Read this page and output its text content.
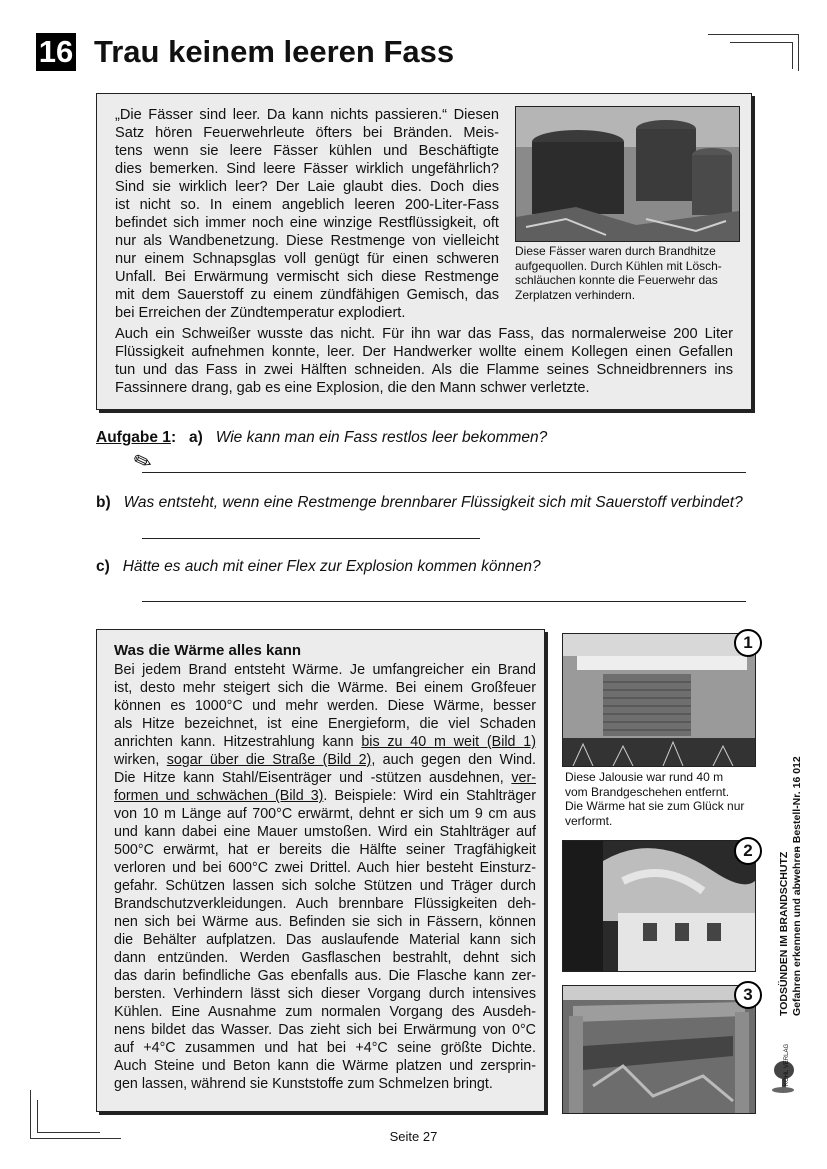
16 Trau keinem leeren Fass
„Die Fässer sind leer. Da kann nichts passieren.“ Diesen
Satz hören Feuerwehrleute öfters bei Bränden. Meis-
tens wenn sie leere Fässer kühlen und Beschäftigte
dies bemerken. Sind leere Fässer wirklich ungefährlich?
Sind sie wirklich leer? Der Laie glaubt dies. Doch dies
ist nicht so. In einem angeblich leeren 200-Liter-Fass
befindet sich immer noch eine winzige Restflüssigkeit, oft
nur als Wandbenetzung. Diese Restmenge von vielleicht
nur einem Schnapsglas voll genügt für einen schweren
Unfall. Bei Erwärmung vermischt sich diese Restmenge
mit dem Sauerstoff zu einem zündfähigen Gemisch, das
bei Erreichen der Zündtemperatur explodiert.
Diese Fässer waren durch Brandhitze
aufgequollen. Durch Kühlen mit Lösch-
schläuchen konnte die Feuerwehr das
Zerplatzen verhindern.
Auch ein Schweißer wusste das nicht. Für ihn war das Fass, das normalerweise 200 Liter
Flüssigkeit aufnehmen konnte, leer. Der Handwerker wollte einem Kollegen einen Gefallen
tun und das Fass in zwei Hälften schneiden. Als die Flamme seines Schneidbrenners ins
Fassinnere drang, gab es eine Explosion, die den Mann schwer verletzte.
Aufgabe 1: a) Wie kann man ein Fass restlos leer bekommen?
✎
b) Was entsteht, wenn eine Restmenge brennbarer Flüssigkeit sich mit Sauerstoff verbindet?
c) Hätte es auch mit einer Flex zur Explosion kommen können?
Was die Wärme alles kann
Bei jedem Brand entsteht Wärme. Je umfangreicher ein Brand
ist, desto mehr steigert sich die Wärme. Bei einem Großfeuer
können es 1000°C und mehr werden. Diese Wärme, besser
als Hitze bezeichnet, ist eine Energieform, die viel Schaden
anrichten kann. Hitzestrahlung kann bis zu 40 m weit (Bild 1)
wirken, sogar über die Straße (Bild 2), auch gegen den Wind.
Die Hitze kann Stahl/Eisenträger und -stützen ausdehnen, ver-
formen und schwächen (Bild 3). Beispiele: Wird ein Stahlträger
von 10 m Länge auf 700°C erwärmt, dehnt er sich um 9 cm aus
und kann dabei eine Mauer umstoßen. Wird ein Stahlträger auf
500°C erwärmt, hat er bereits die Hälfte seiner Tragfähigkeit
verloren und bei 600°C zwei Drittel. Auch hier besteht Einsturz-
gefahr. Schützen lassen sich solche Stützen und Träger durch
Brandschutzverkleidungen. Auch brennbare Flüssigkeiten deh-
nen sich bei Wärme aus. Befinden sie sich in Fässern, können
die Behälter aufplatzen. Das auslaufende Material kann sich
dann entzünden. Werden Gasflaschen bestrahlt, dehnt sich
das darin befindliche Gas ebenfalls aus. Die Flasche kann zer-
bersten. Verhindern lässt sich dieser Vorgang durch intensives
Kühlen. Eine Ausnahme zum normalen Vorgang des Ausdeh-
nens bildet das Wasser. Das zieht sich bei Erwärmung von 0°C
auf +4°C zusammen und hat bei +4°C seine größte Dichte.
Auch Steine und Beton kann die Wärme platzen und zersprin-
gen lassen, während sie Kunststoffe zum Schmelzen bringt.
1
Diese Jalousie war rund 40 m
vom Brandgeschehen entfernt.
Die Wärme hat sie zum Glück nur
verformt.
2
3	TODSÜNDEN IM BRANDSCHUTZ Gefahren erkennen und abwehren
– Bestell-Nr. 16 012
KOHL VERLAG
Seite 27
